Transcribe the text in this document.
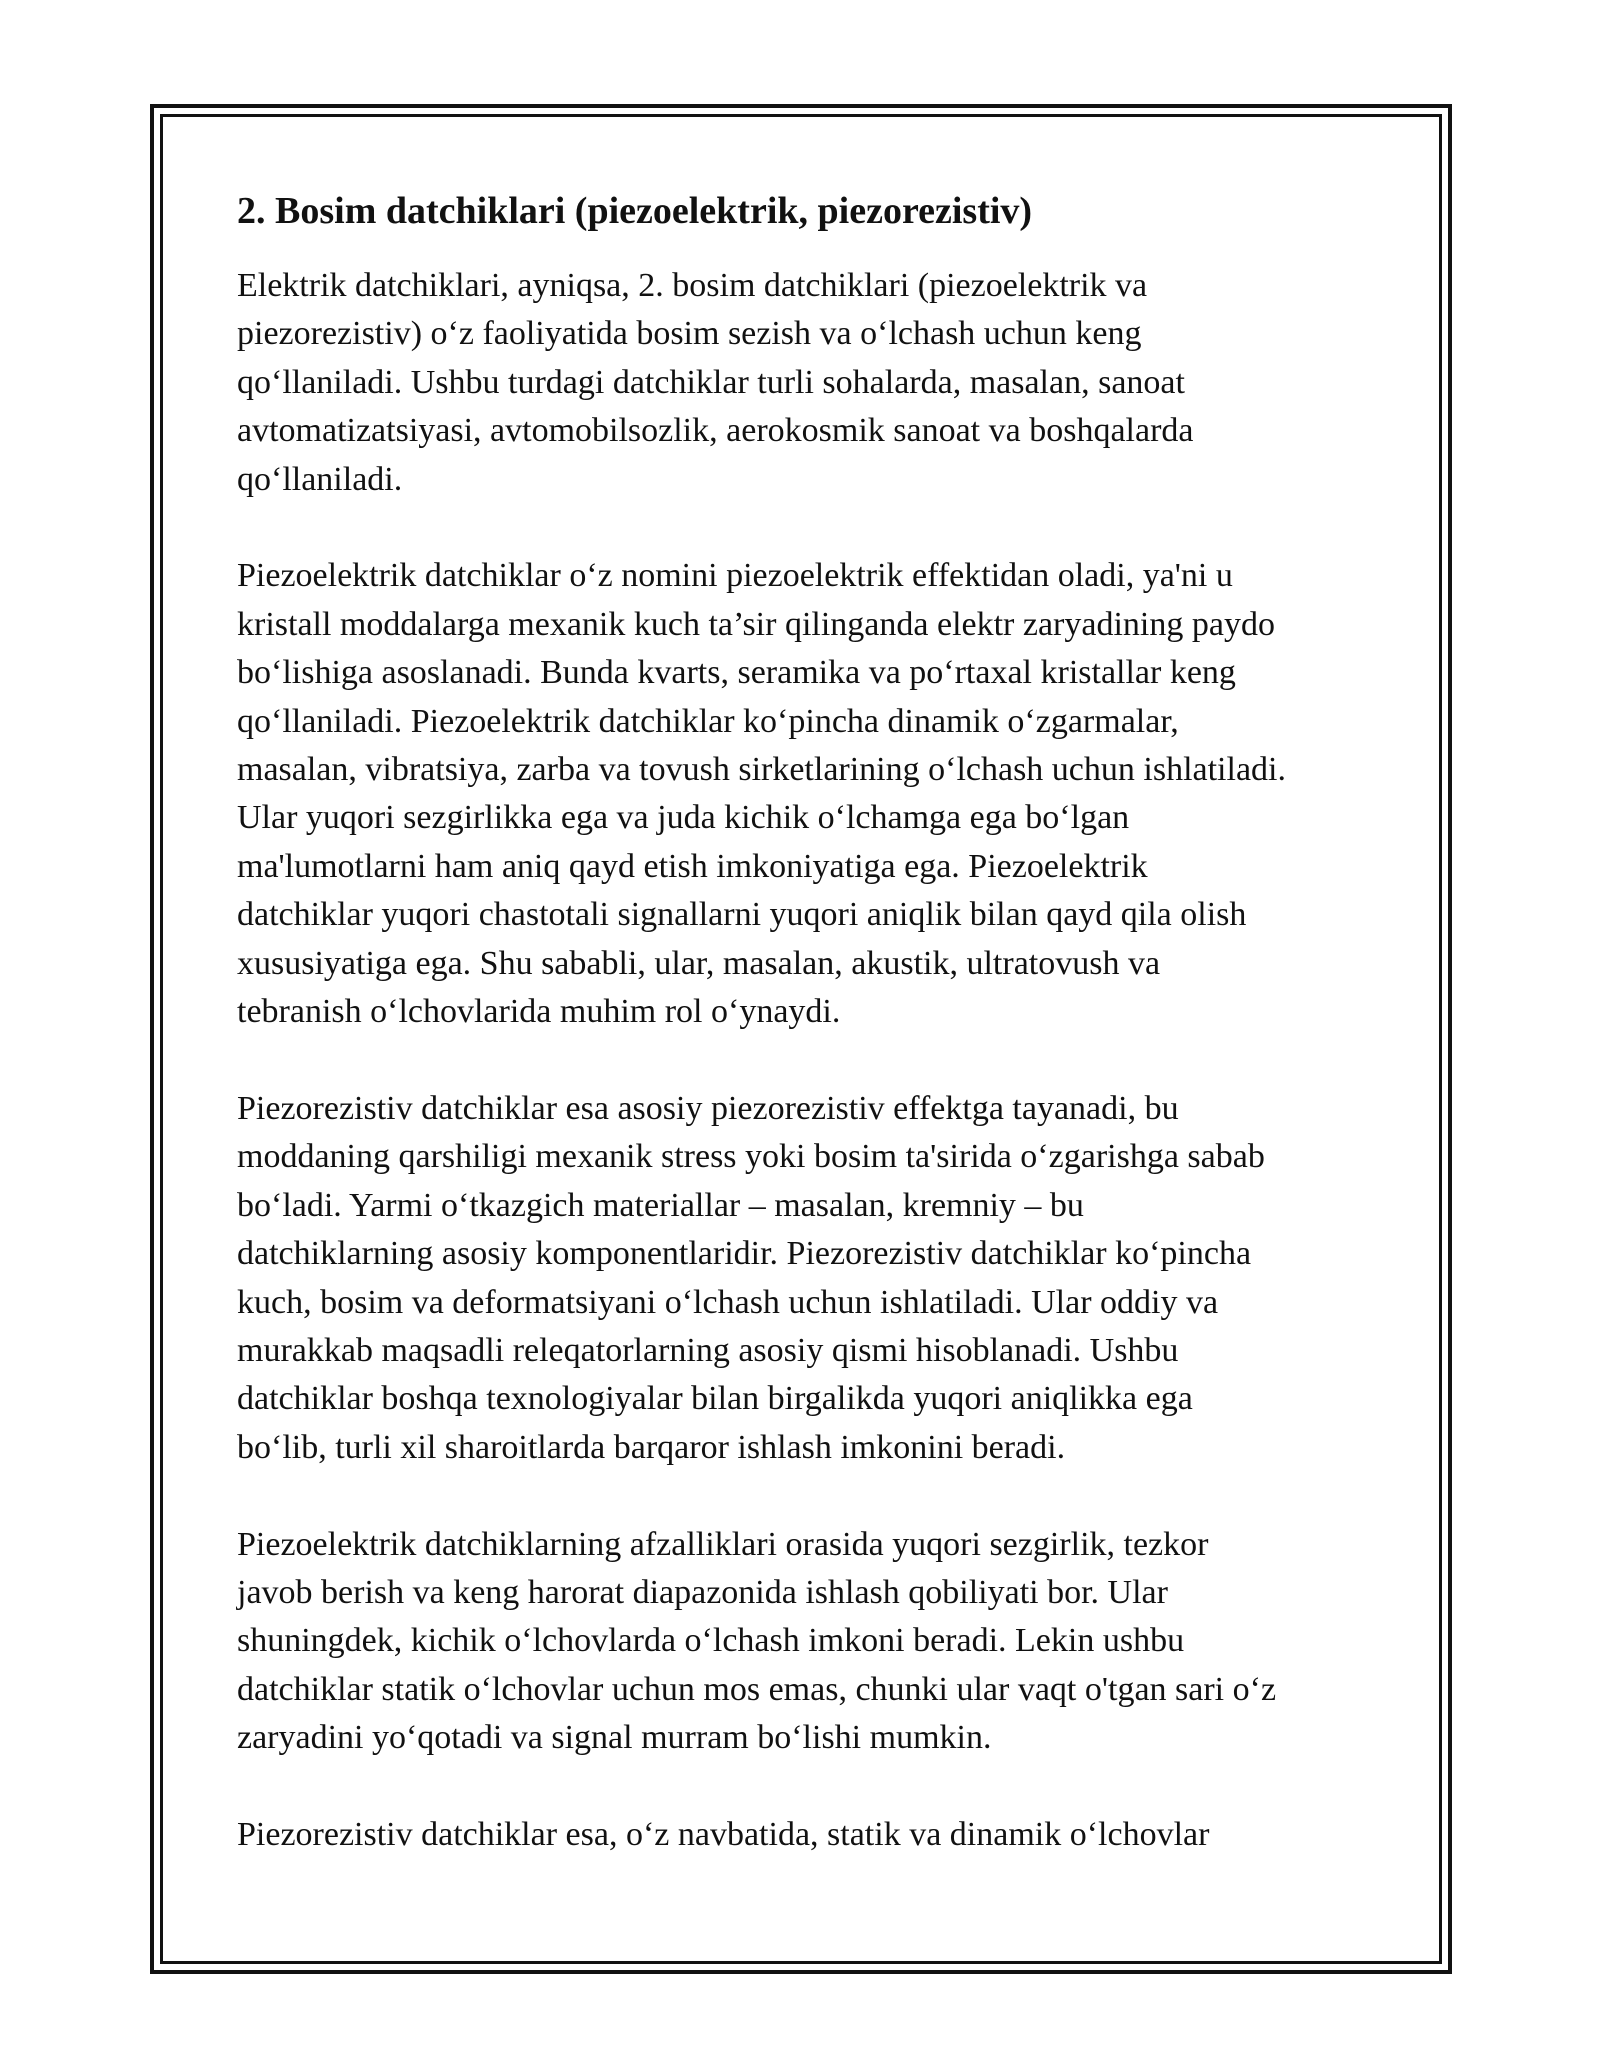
2. Bosim datchiklari (piezoelektrik, piezorezistiv)

Elektrik datchiklari, ayniqsa, 2. bosim datchiklari (piezoelektrik va
piezorezistiv) o‘z faoliyatida bosim sezish va o‘lchash uchun keng
qo‘llaniladi. Ushbu turdagi datchiklar turli sohalarda, masalan, sanoat
avtomatizatsiyasi, avtomobilsozlik, aerokosmik sanoat va boshqalarda
qo‘llaniladi.

Piezoelektrik datchiklar o‘z nomini piezoelektrik effektidan oladi, ya'ni u
kristall moddalarga mexanik kuch ta’sir qilinganda elektr zaryadining paydo
bo‘lishiga asoslanadi. Bunda kvarts, seramika va po‘rtaxal kristallar keng
qo‘llaniladi. Piezoelektrik datchiklar ko‘pincha dinamik o‘zgarmalar,
masalan, vibratsiya, zarba va tovush sirketlarining o‘lchash uchun ishlatiladi.
Ular yuqori sezgirlikka ega va juda kichik o‘lchamga ega bo‘lgan
ma'lumotlarni ham aniq qayd etish imkoniyatiga ega. Piezoelektrik
datchiklar yuqori chastotali signallarni yuqori aniqlik bilan qayd qila olish
xususiyatiga ega. Shu sababli, ular, masalan, akustik, ultratovush va
tebranish o‘lchovlarida muhim rol o‘ynaydi.

Piezorezistiv datchiklar esa asosiy piezorezistiv effektga tayanadi, bu
moddaning qarshiligi mexanik stress yoki bosim ta'sirida o‘zgarishga sabab
bo‘ladi. Yarmi o‘tkazgich materiallar – masalan, kremniy – bu
datchiklarning asosiy komponentlaridir. Piezorezistiv datchiklar ko‘pincha
kuch, bosim va deformatsiyani o‘lchash uchun ishlatiladi. Ular oddiy va
murakkab maqsadli releqatorlarning asosiy qismi hisoblanadi. Ushbu
datchiklar boshqa texnologiyalar bilan birgalikda yuqori aniqlikka ega
bo‘lib, turli xil sharoitlarda barqaror ishlash imkonini beradi.

Piezoelektrik datchiklarning afzalliklari orasida yuqori sezgirlik, tezkor
javob berish va keng harorat diapazonida ishlash qobiliyati bor. Ular
shuningdek, kichik o‘lchovlarda o‘lchash imkoni beradi. Lekin ushbu
datchiklar statik o‘lchovlar uchun mos emas, chunki ular vaqt o'tgan sari o‘z
zaryadini yo‘qotadi va signal murram bo‘lishi mumkin.

Piezorezistiv datchiklar esa, o‘z navbatida, statik va dinamik o‘lchovlar
